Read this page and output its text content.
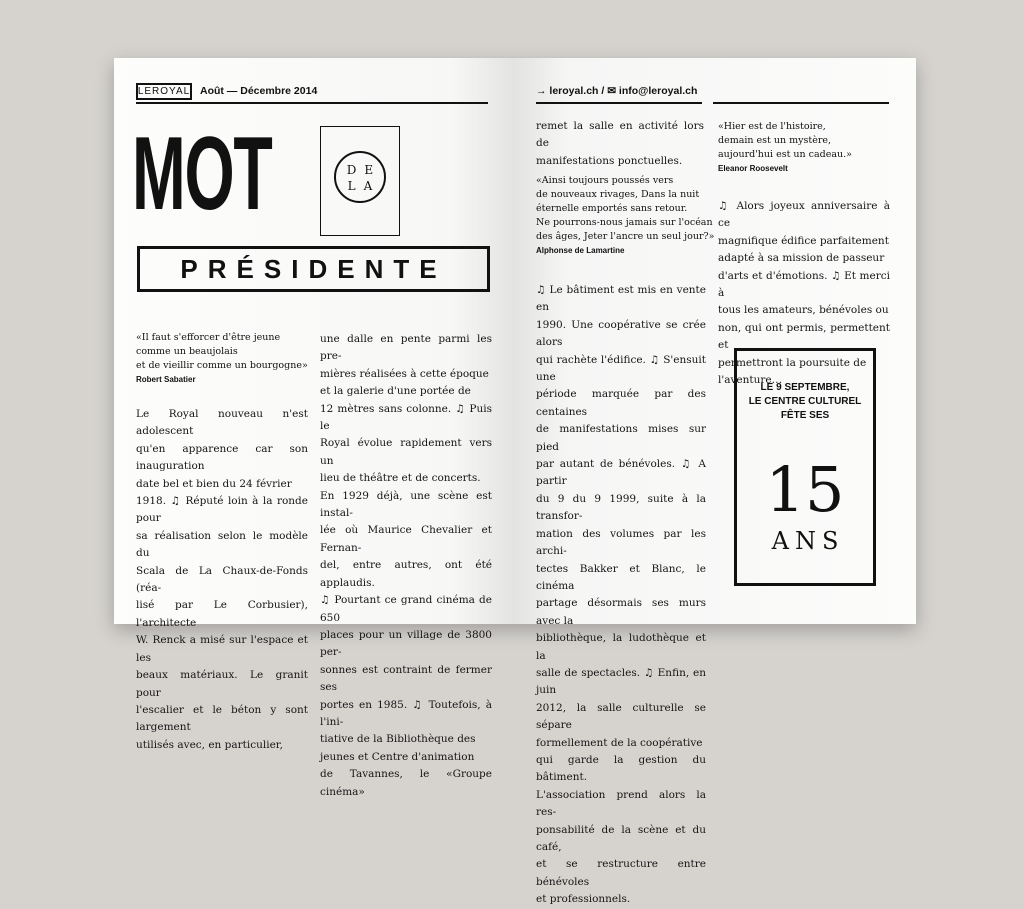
LEROYAL Août — Décembre 2014
MOT	DE
LA
PRÉSIDENTE
«Il faut s'efforcer d'être jeune
comme un beaujolais
et de vieillir comme un bourgogne»
Robert Sabatier
Le Royal nouveau n'est adolescent
qu'en apparence car son inauguration
date bel et bien du 24 février
1918. ♫ Réputé loin à la ronde pour
sa réalisation selon le modèle du
Scala de La Chaux-de-Fonds (réa-
lisé par Le Corbusier), l'architecte
W. Renck a misé sur l'espace et les
beaux matériaux. Le granit pour
l'escalier et le béton y sont largement
utilisés avec, en particulier,
une dalle en pente parmi les pre-
mières réalisées à cette époque
et la galerie d'une portée de
12 mètres sans colonne. ♫ Puis le
Royal évolue rapidement vers un
lieu de théâtre et de concerts.
En 1929 déjà, une scène est instal-
lée où Maurice Chevalier et Fernan-
del, entre autres, ont été applaudis.
♫ Pourtant ce grand cinéma de 650
places pour un village de 3800 per-
sonnes est contraint de fermer ses
portes en 1985. ♫ Toutefois, à l'ini-
tiative de la Bibliothèque des
jeunes et Centre d'animation
de Tavannes, le «Groupe cinéma»
→ leroyal.ch / ✉ info@leroyal.ch
remet la salle en activité lors de
manifestations ponctuelles.
«Ainsi toujours poussés vers
de nouveaux rivages, Dans la nuit
éternelle emportés sans retour.
Ne pourrons-nous jamais sur l'océan
des âges, Jeter l'ancre un seul jour?»
Alphonse de Lamartine
♫ Le bâtiment est mis en vente en
1990. Une coopérative se crée alors
qui rachète l'édifice. ♫ S'ensuit une
période marquée par des centaines
de manifestations mises sur pied
par autant de bénévoles. ♫ A partir
du 9 du 9 1999, suite à la transfor-
mation des volumes par les archi-
tectes Bakker et Blanc, le cinéma
partage désormais ses murs avec la
bibliothèque, la ludothèque et la
salle de spectacles. ♫ Enfin, en juin
2012, la salle culturelle se sépare
formellement de la coopérative
qui garde la gestion du bâtiment.
L'association prend alors la res-
ponsabilité de la scène et du café,
et se restructure entre bénévoles
et professionnels.
«Hier est de l'histoire,
demain est un mystère,
aujourd'hui est un cadeau.»
Eleanor Roosevelt
♫ Alors joyeux anniversaire à ce
magnifique édifice parfaitement
adapté à sa mission de passeur
d'arts et d'émotions. ♫ Et merci à
tous les amateurs, bénévoles ou
non, qui ont permis, permettent et
permettront la poursuite de
l'aventure…
LE 9 SEPTEMBRE,
LE CENTRE CULTUREL
FÊTE SES
15
ANS
